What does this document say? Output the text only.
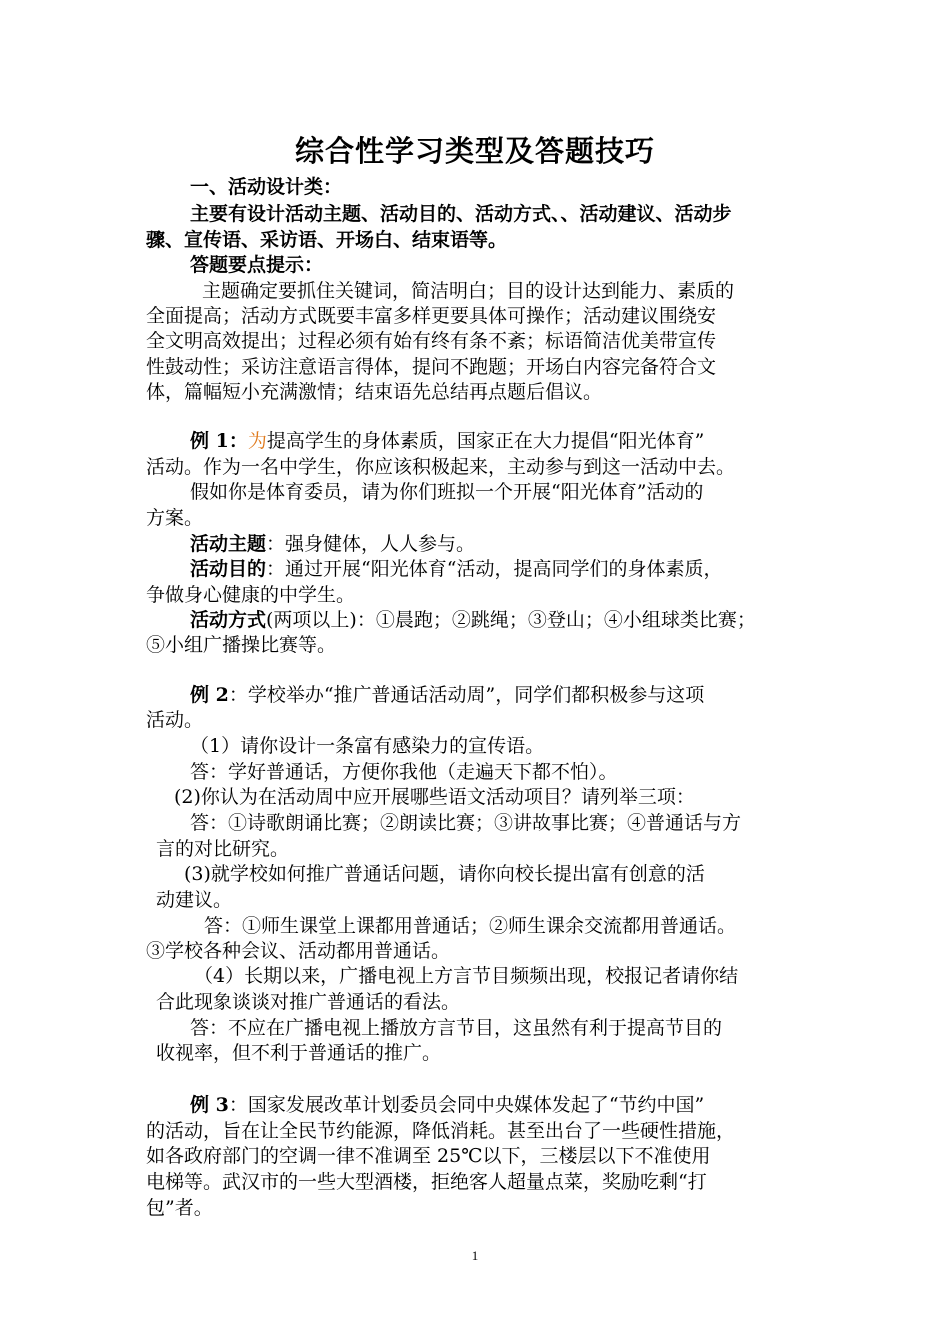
综合性学习类型及答题技巧
一、活动设计类：
主要有设计活动主题、活动目的、活动方式、、活动建议、活动步
骤、宣传语、采访语、开场白、结束语等。
答题要点提示：
主题确定要抓住关键词，简洁明白；目的设计达到能力、素质的
全面提高；活动方式既要丰富多样更要具体可操作；活动建议围绕安
全文明高效提出；过程必须有始有终有条不紊；标语简洁优美带宣传
性鼓动性；采访注意语言得体，提问不跑题；开场白内容完备符合文
体，篇幅短小充满激情；结束语先总结再点题后倡议。
例 1：为提高学生的身体素质，国家正在大力提倡“阳光体育”
活动。作为一名中学生，你应该积极起来，主动参与到这一活动中去。
假如你是体育委员，请为你们班拟一个开展“阳光体育”活动的
方案。
活动主题：强身健体，人人参与。
活动目的：通过开展“阳光体育“活动，提高同学们的身体素质，
争做身心健康的中学生。
活动方式(两项以上)：①晨跑；②跳绳；③登山；④小组球类比赛；
⑤小组广播操比赛等。
例 2：学校举办“推广普通话活动周”，同学们都积极参与这项
活动。
（1）请你设计一条富有感染力的宣传语。
答：学好普通话，方便你我他（走遍天下都不怕）。
(2)你认为在活动周中应开展哪些语文活动项目？请列举三项：
答：①诗歌朗诵比赛；②朗读比赛；③讲故事比赛；④普通话与方
言的对比研究。
(3)就学校如何推广普通话问题，请你向校长提出富有创意的活
动建议。
答：①师生课堂上课都用普通话；②师生课余交流都用普通话。
③学校各种会议、活动都用普通话。
（4）长期以来，广播电视上方言节目频频出现，校报记者请你结
合此现象谈谈对推广普通话的看法。
答：不应在广播电视上播放方言节目，这虽然有利于提高节目的
收视率，但不利于普通话的推广。
例 3：国家发展改革计划委员会同中央媒体发起了“节约中国”
的活动，旨在让全民节约能源，降低消耗。甚至出台了一些硬性措施，
如各政府部门的空调一律不准调至 25℃以下，三楼层以下不准使用
电梯等。武汉市的一些大型酒楼，拒绝客人超量点菜，奖励吃剩“打
包”者。
1
